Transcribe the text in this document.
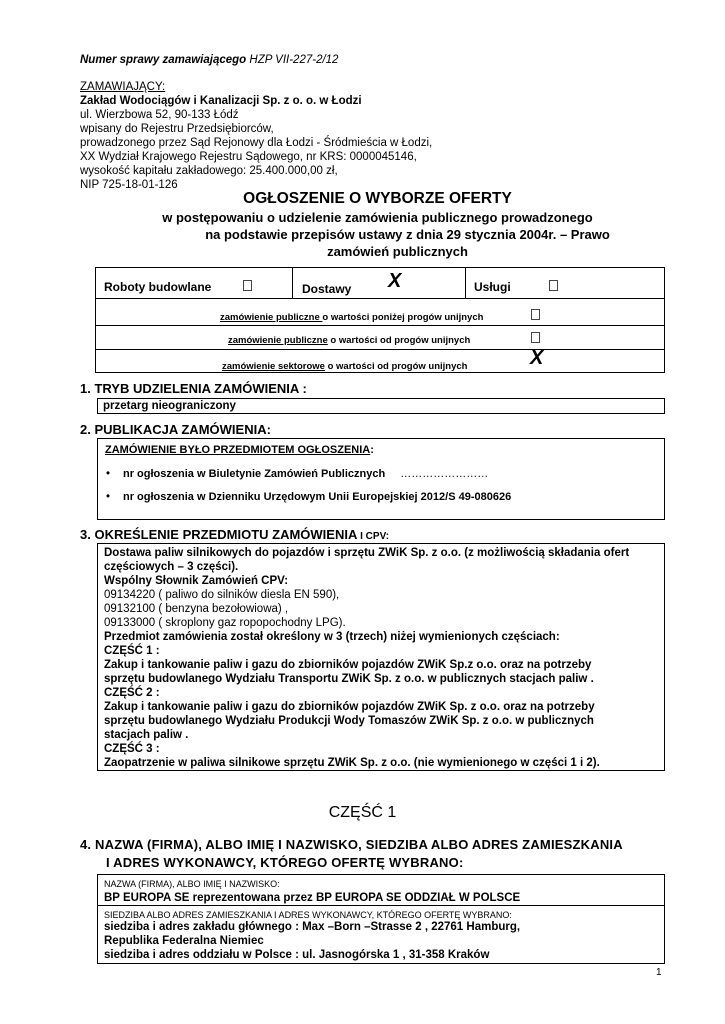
Numer sprawy zamawiającego HZP VII-227-2/12
ZAMAWIAJĄCY:
Zakład Wodociągów i Kanalizacji Sp. z o. o. w Łodzi
ul. Wierzbowa 52, 90-133 Łódź
wpisany do Rejestru Przedsiębiorców,
prowadzonego przez Sąd Rejonowy dla Łodzi - Śródmieścia w Łodzi,
XX Wydział Krajowego Rejestru Sądowego, nr KRS: 0000045146,
wysokość kapitału zakładowego: 25.400.000,00 zł,
NIP 725-18-01-126
OGŁOSZENIE O WYBORZE OFERTY
w postępowaniu o udzielenie zamówienia publicznego prowadzonego
na podstawie przepisów ustawy z dnia 29 stycznia 2004r. – Prawo
zamówień publicznych
Roboty budowlane	Dostawy X	Usługi
zamówienie publiczne o wartości poniżej progów unijnych
zamówienie publiczne o wartości od progów unijnych
zamówienie sektorowe o wartości od progów unijnych	X
1. TRYB UDZIELENIA ZAMÓWIENIA :
przetarg nieograniczony
2. PUBLIKACJA ZAMÓWIENIA:
ZAMÓWIENIE BYŁO PRZEDMIOTEM OGŁOSZENIA:
• nr ogłoszenia w Biuletynie Zamówień Publicznych ……………………
• nr ogłoszenia w Dzienniku Urzędowym Unii Europejskiej 2012/S 49-080626
3. OKREŚLENIE PRZEDMIOTU ZAMÓWIENIA I CPV:
Dostawa paliw silnikowych do pojazdów i sprzętu ZWiK Sp. z o.o. (z możliwością składania ofert
częściowych – 3 części).
Wspólny Słownik Zamówień CPV:
09134220 ( paliwo do silników diesla EN 590),
09132100 ( benzyna bezołowiowa) ,
09133000 ( skroplony gaz ropopochodny LPG).
Przedmiot zamówienia został określony w 3 (trzech) niżej wymienionych częściach:
CZĘŚĆ 1 :
Zakup i tankowanie paliw i gazu do zbiorników pojazdów ZWiK Sp.z o.o. oraz na potrzeby
sprzętu budowlanego Wydziału Transportu ZWiK Sp. z o.o. w publicznych stacjach paliw .
CZĘŚĆ 2 :
Zakup i tankowanie paliw i gazu do zbiorników pojazdów ZWiK Sp. z o.o. oraz na potrzeby
sprzętu budowlanego Wydziału Produkcji Wody Tomaszów ZWiK Sp. z o.o. w publicznych
stacjach paliw .
CZĘŚĆ 3 :
Zaopatrzenie w paliwa silnikowe sprzętu ZWiK Sp. z o.o. (nie wymienionego w części 1 i 2).
CZĘŚĆ 1
4. NAZWA (FIRMA), ALBO IMIĘ I NAZWISKO, SIEDZIBA ALBO ADRES ZAMIESZKANIA
I ADRES WYKONAWCY, KTÓREGO OFERTĘ WYBRANO:
NAZWA (FIRMA), ALBO IMIĘ I NAZWISKO:
BP EUROPA SE reprezentowana przez BP EUROPA SE ODDZIAŁ W POLSCE
SIEDZIBA ALBO ADRES ZAMIESZKANIA I ADRES WYKONAWCY, KTÓREGO OFERTĘ WYBRANO:
siedziba i adres zakładu głównego : Max –Born –Strasse 2 , 22761 Hamburg,
Republika Federalna Niemiec
siedziba i adres oddziału w Polsce : ul. Jasnogórska 1 , 31-358 Kraków
1
